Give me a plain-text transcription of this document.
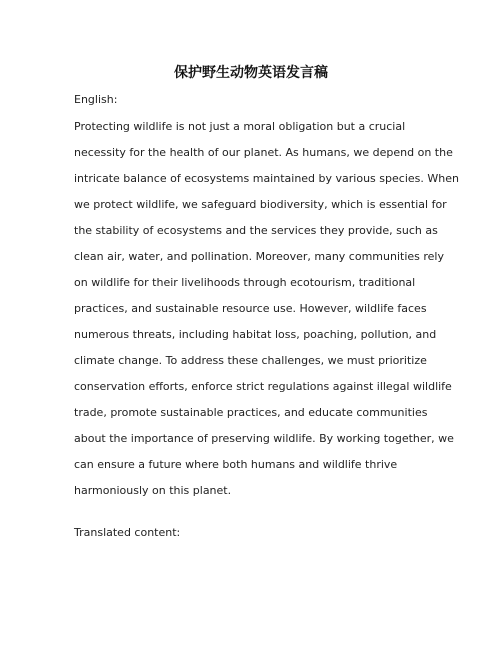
保护野生动物英语发言稿
English:
Protecting wildlife is not just a moral obligation but a crucial
necessity for the health of our planet. As humans, we depend on the
intricate balance of ecosystems maintained by various species. When
we protect wildlife, we safeguard biodiversity, which is essential for
the stability of ecosystems and the services they provide, such as
clean air, water, and pollination. Moreover, many communities rely
on wildlife for their livelihoods through ecotourism, traditional
practices, and sustainable resource use. However, wildlife faces
numerous threats, including habitat loss, poaching, pollution, and
climate change. To address these challenges, we must prioritize
conservation efforts, enforce strict regulations against illegal wildlife
trade, promote sustainable practices, and educate communities
about the importance of preserving wildlife. By working together, we
can ensure a future where both humans and wildlife thrive
harmoniously on this planet.
Translated content:
